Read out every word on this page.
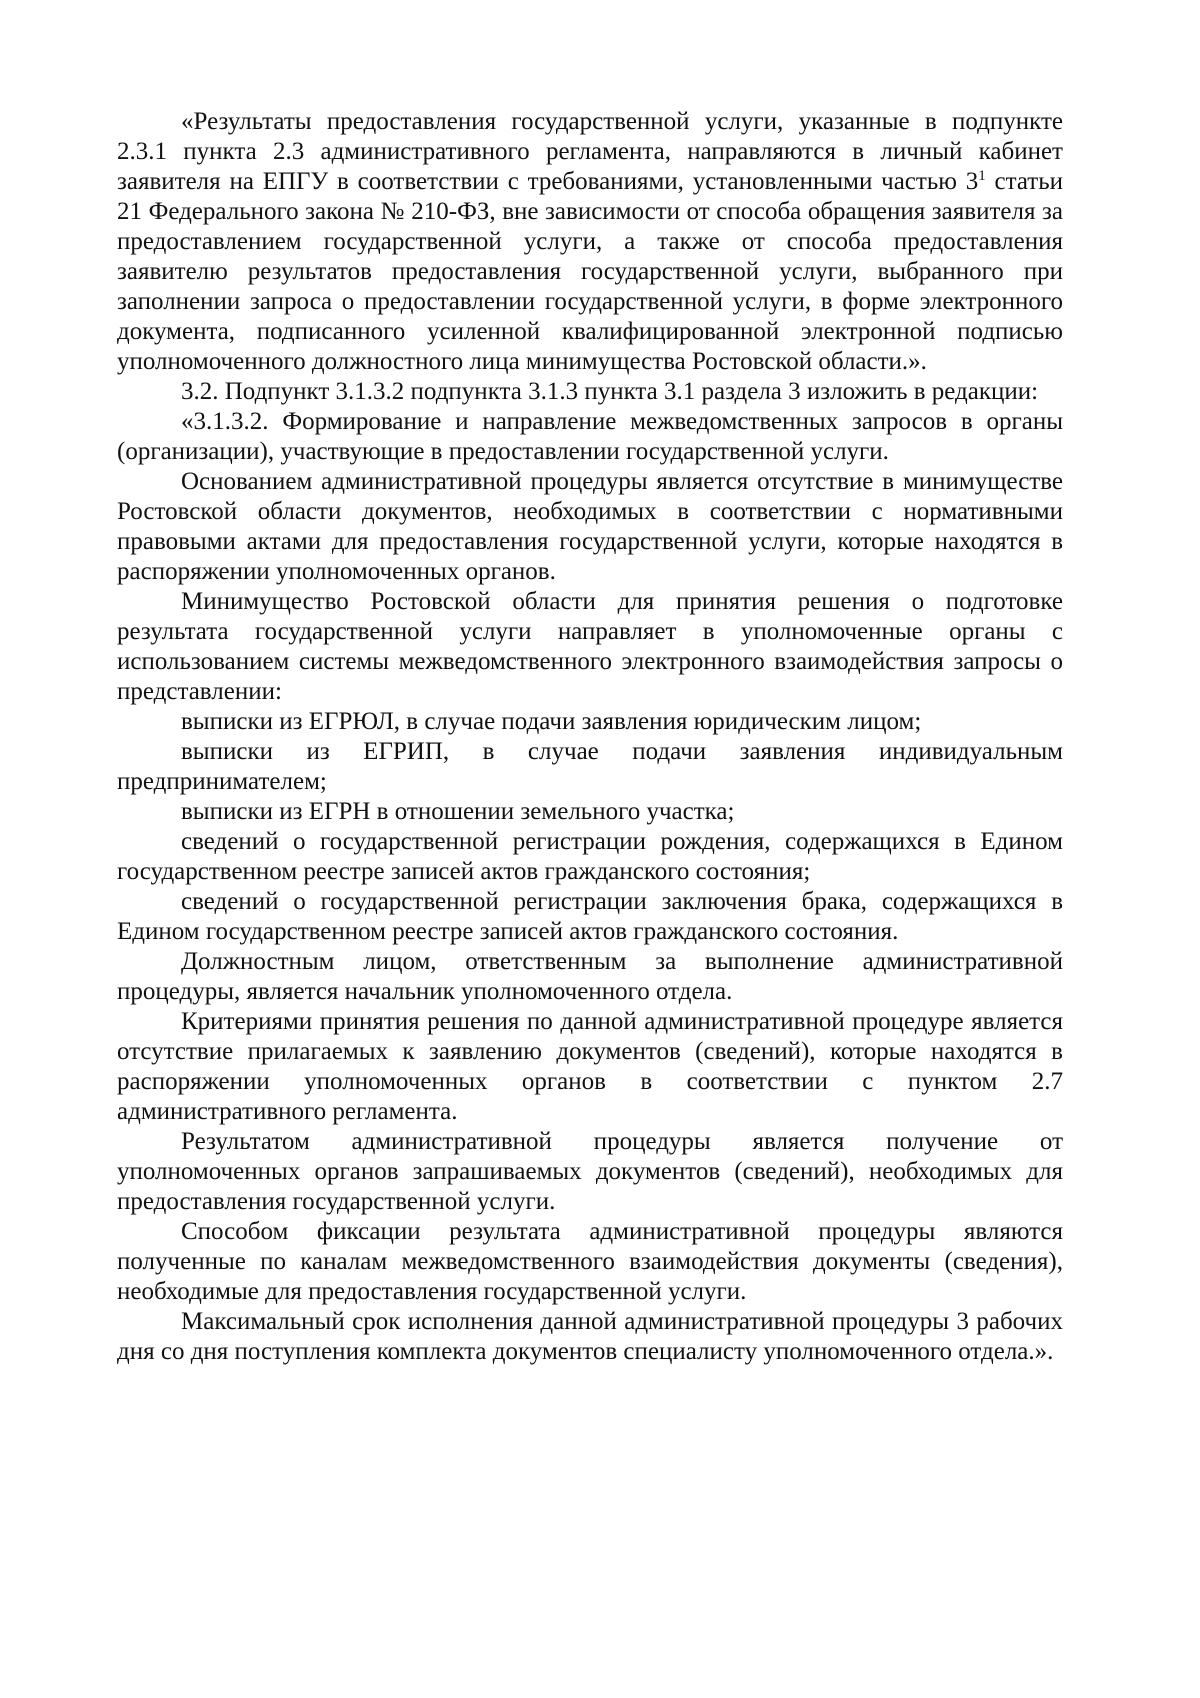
«Результаты предоставления государственной услуги, указанные в подпункте 2.3.1 пункта 2.3 административного регламента, направляются в личный кабинет заявителя на ЕПГУ в соответствии с требованиями, установленными частью $3^1$ статьи 21 Федерального закона № 210-ФЗ, вне зависимости от способа обращения заявителя за предоставлением государственной услуги, а также от способа предоставления заявителю результатов предоставления государственной услуги, выбранного при заполнении запроса о предоставлении государственной услуги, в форме электронного документа, подписанного усиленной квалифицированной электронной подписью уполномоченного должностного лица минимущества Ростовской области.».

3.2. Подпункт 3.1.3.2 подпункта 3.1.3 пункта 3.1 раздела 3 изложить в редакции:

«3.1.3.2. Формирование и направление межведомственных запросов в органы (организации), участвующие в предоставлении государственной услуги.

Основанием административной процедуры является отсутствие в минимуществе Ростовской области документов, необходимых в соответствии с нормативными правовыми актами для предоставления государственной услуги, которые находятся в распоряжении уполномоченных органов.

Минимущество Ростовской области для принятия решения о подготовке результата государственной услуги направляет в уполномоченные органы с использованием системы межведомственного электронного взаимодействия запросы о представлении:

выписки из ЕГРЮЛ, в случае подачи заявления юридическим лицом;

выписки из ЕГРИП, в случае подачи заявления индивидуальным предпринимателем;

выписки из ЕГРН в отношении земельного участка;

сведений о государственной регистрации рождения, содержащихся в Едином государственном реестре записей актов гражданского состояния;

сведений о государственной регистрации заключения брака, содержащихся в Едином государственном реестре записей актов гражданского состояния.

Должностным лицом, ответственным за выполнение административной процедуры, является начальник уполномоченного отдела.

Критериями принятия решения по данной административной процедуре является отсутствие прилагаемых к заявлению документов (сведений), которые находятся в распоряжении уполномоченных органов в соответствии с пунктом 2.7 административного регламента.

Результатом административной процедуры является получение от уполномоченных органов запрашиваемых документов (сведений), необходимых для предоставления государственной услуги.

Способом фиксации результата административной процедуры являются полученные по каналам межведомственного взаимодействия документы (сведения), необходимые для предоставления государственной услуги.

Максимальный срок исполнения данной административной процедуры 3 рабочих дня со дня поступления комплекта документов специалисту уполномоченного отдела.».
